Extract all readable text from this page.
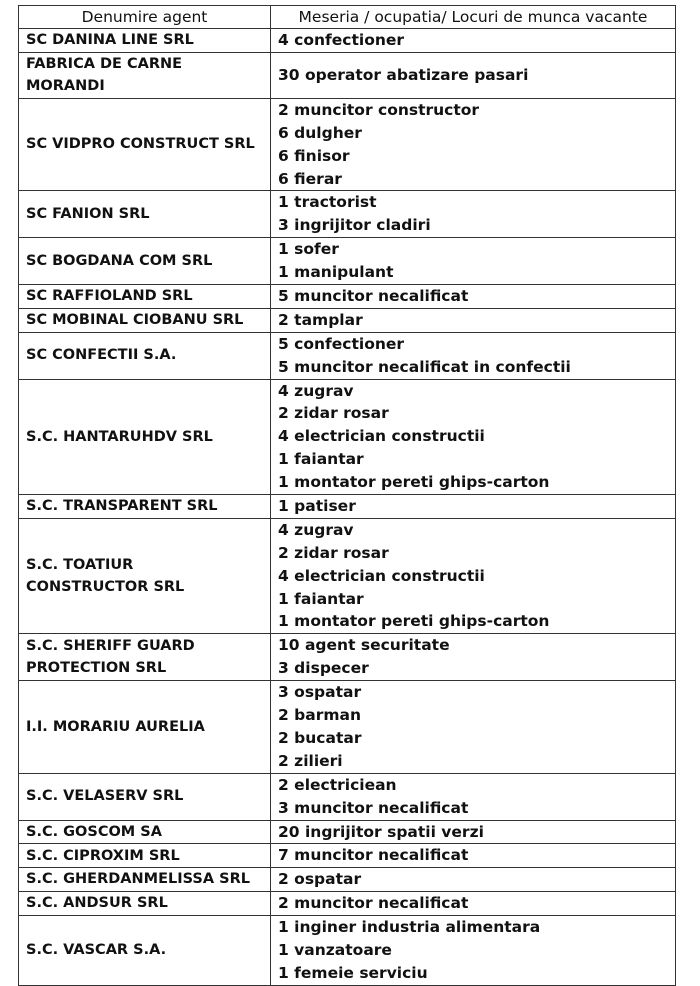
Denumire agent	Meseria / ocupatia/ Locuri de munca vacante
SC DANINA LINE SRL	4 confectioner

FABRICA DE CARNE MORANDI	30 operator abatizare pasari

SC VIDPRO CONSTRUCT SRL	2 muncitor constructor
6 dulgher
6 finisor
6 fierar

SC FANION SRL	1 tractorist
3 ingrijitor cladiri

SC BOGDANA COM SRL	1 sofer
1 manipulant

SC RAFFIOLAND SRL	5 muncitor necalificat

SC MOBINAL CIOBANU SRL	2 tamplar

SC CONFECTII S.A.	5 confectioner
5 muncitor necalificat in confectii

S.C. HANTARUHDV SRL	4 zugrav
2 zidar rosar
4 electrician constructii
1 faiantar
1 montator pereti ghips-carton

S.C. TRANSPARENT SRL	1 patiser

S.C. TOATIUR
CONSTRUCTOR SRL	4 zugrav
2 zidar rosar
4 electrician constructii
1 faiantar
1 montator pereti ghips-carton

S.C. SHERIFF GUARD
PROTECTION SRL	10 agent securitate
3 dispecer

I.I. MORARIU AURELIA	3 ospatar
2 barman
2 bucatar
2 zilieri

S.C. VELASERV SRL	2 electriciean
3 muncitor necalificat

S.C. GOSCOM SA	20 ingrijitor spatii verzi

S.C. CIPROXIM SRL	7 muncitor necalificat

S.C. GHERDANMELISSA SRL	2 ospatar

S.C. ANDSUR SRL	2 muncitor necalificat

S.C. VASCAR S.A.	1 inginer industria alimentara
1 vanzatoare
1 femeie serviciu
